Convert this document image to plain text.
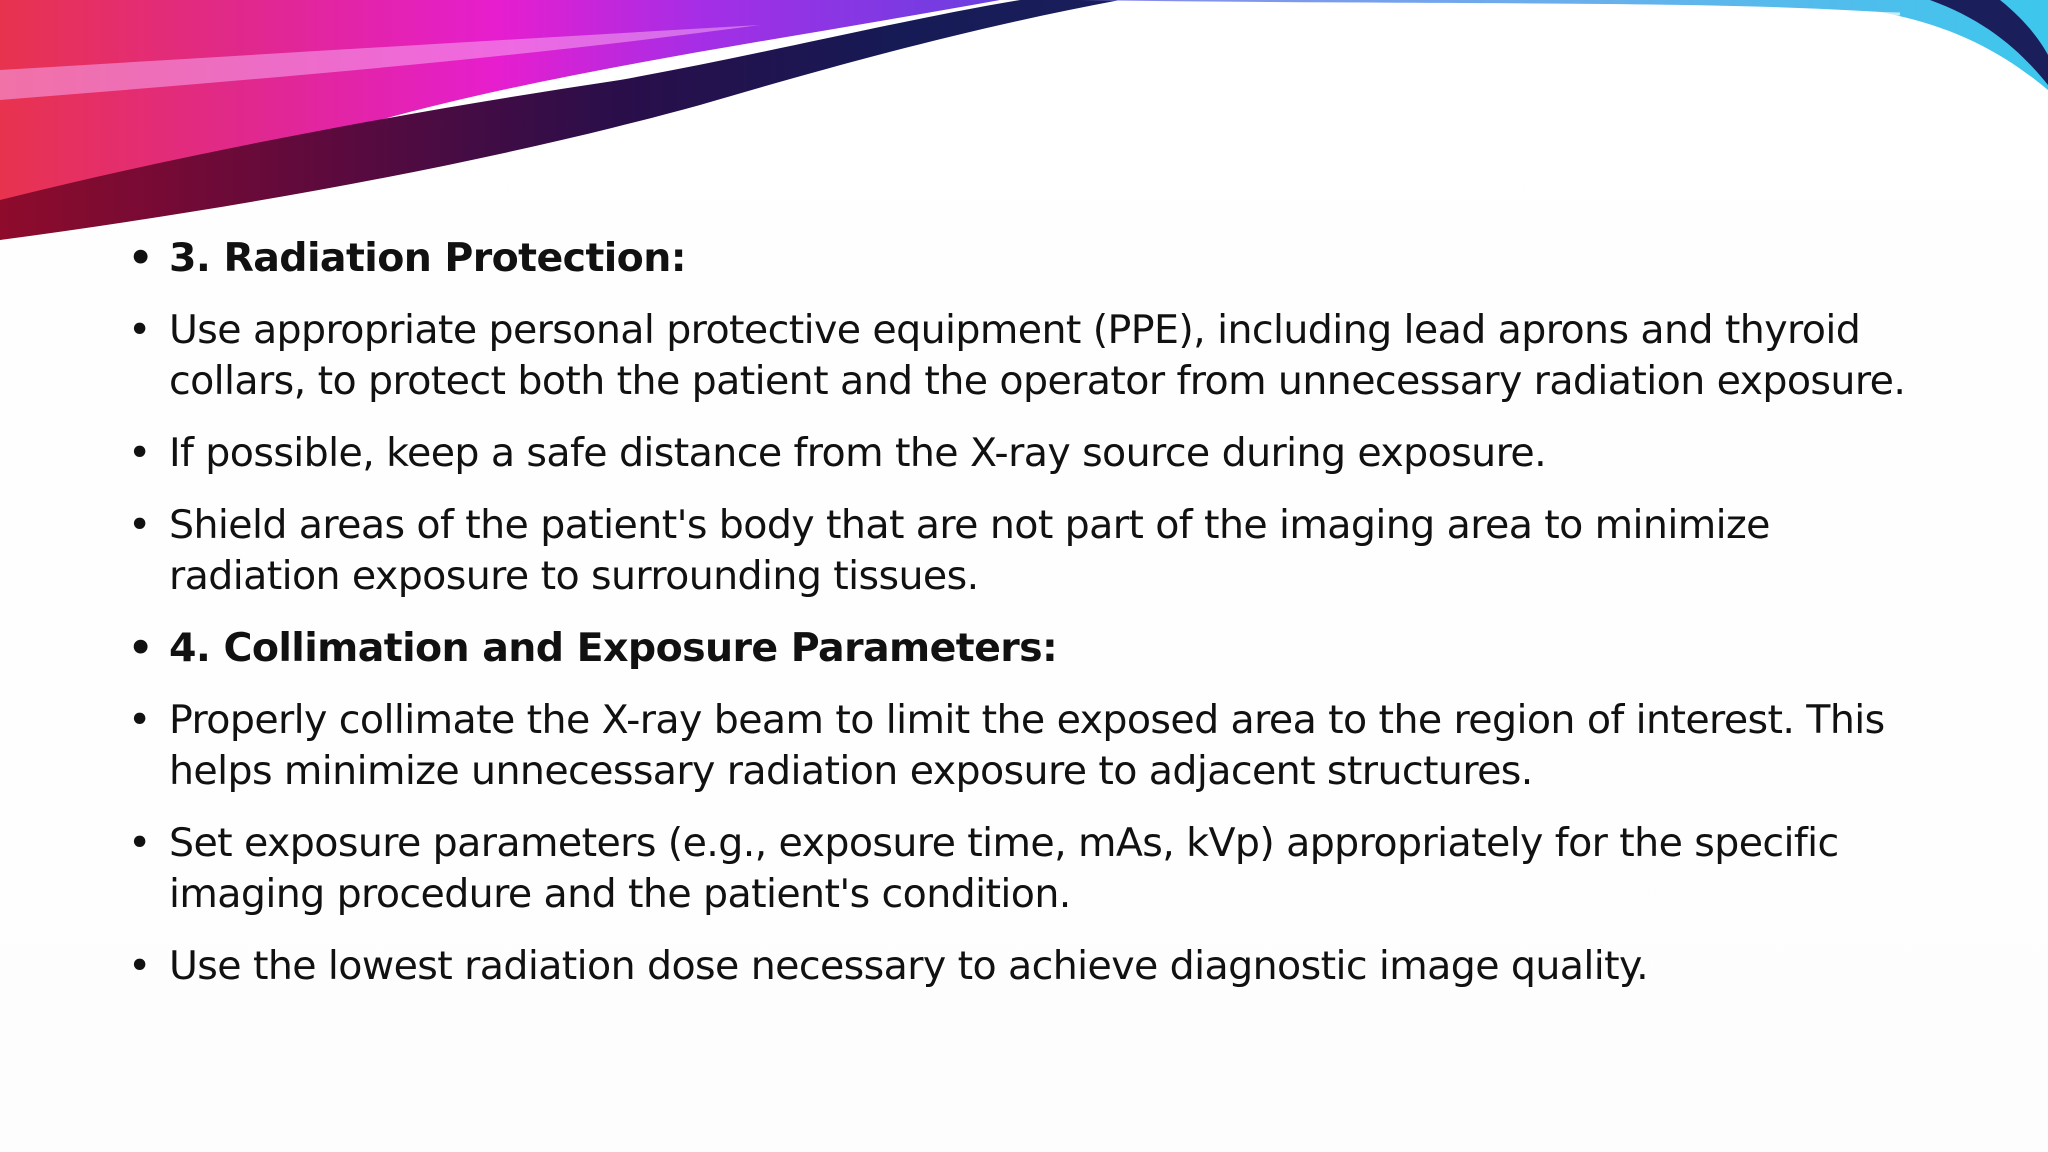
• 3. Radiation Protection:
• Use appropriate personal protective equipment (PPE), including lead aprons and thyroid collars, to protect both the patient and the operator from unnecessary radiation exposure.
• If possible, keep a safe distance from the X-ray source during exposure.
• Shield areas of the patient's body that are not part of the imaging area to minimize radiation exposure to surrounding tissues.
• 4. Collimation and Exposure Parameters:
• Properly collimate the X-ray beam to limit the exposed area to the region of interest. This helps minimize unnecessary radiation exposure to adjacent structures.
• Set exposure parameters (e.g., exposure time, mAs, kVp) appropriately for the specific imaging procedure and the patient's condition.
• Use the lowest radiation dose necessary to achieve diagnostic image quality.
